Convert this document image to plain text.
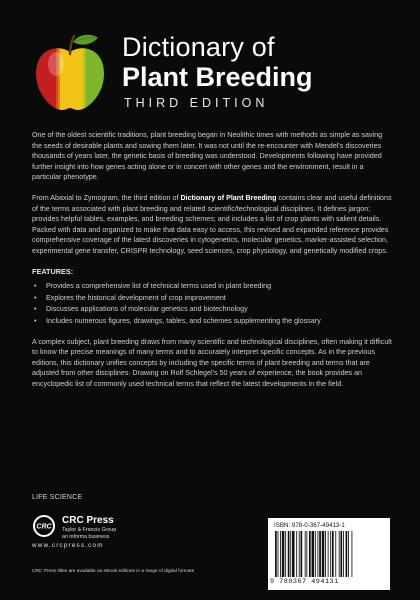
Dictionary of
Plant Breeding
THIRD EDITION

One of the oldest scientific traditions, plant breeding began in Neolithic times with methods as simple as saving the seeds of desirable plants and sowing them later. It was not until the re-encounter with Mendel's discoveries thousands of years later, the genetic basis of breeding was understood. Developments following have provided further insight into how genes acting alone or in concert with other genes and the environment, result in a particular phenotype.

From Abaxial to Zymogram, the third edition of Dictionary of Plant Breeding contains clear and useful definitions of the terms associated with plant breeding and related scientific/technological disciplines. It defines jargon; provides helpful tables, examples, and breeding schemes; and includes a list of crop plants with salient details. Packed with data and organized to make that data easy to access, this revised and expanded reference provides comprehensive coverage of the latest discoveries in cytogenetics, molecular genetics, marker-assisted selection, experimental gene transfer, CRISPR technology, seed sciences, crop physiology, and genetically modified crops.

FEATURES:
• Provides a comprehensive list of technical terms used in plant breeding
• Explores the historical development of crop improvement
• Discusses applications of molecular genetics and biotechnology
• Includes numerous figures, drawings, tables, and schemes supplementing the glossary

A complex subject, plant breeding draws from many scientific and technological disciplines, often making it difficult to know the precise meanings of many terms and to accurately interpret specific concepts. As in the previous editions, this dictionary unifies concepts by including the specific terms of plant breeding and terms that are adjusted from other disciplines. Drawing on Rolf Schlegel's 50 years of experience, the book provides an encyclopedic list of commonly used technical terms that reflect the latest developments in the field.

LIFE SCIENCE
CRC
CRC Press
Taylor & Francis Group
an informa business
www.crcpress.com
CRC Press titles are available as eBook editions in a range of digital formats
ISBN: 978-0-367-49413-1
9 780367 494131
